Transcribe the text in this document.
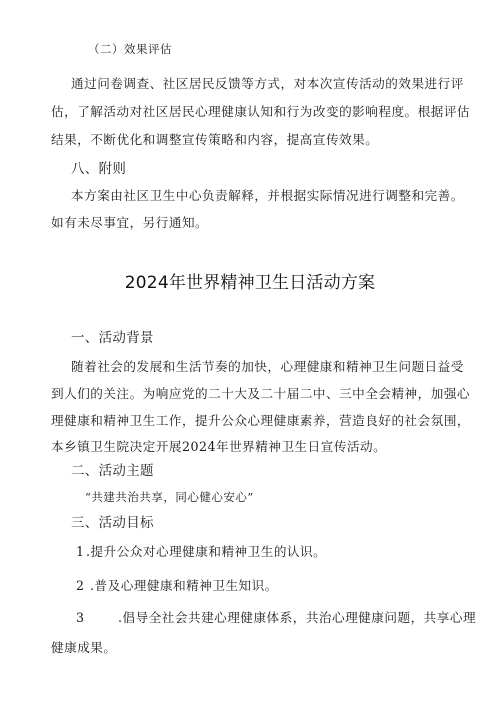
（二）效果评估
通过问卷调查、社区居民反馈等方式，对本次宣传活动的效果进行评
估，了解活动对社区居民心理健康认知和行为改变的影响程度。根据评估
结果，不断优化和调整宣传策略和内容，提高宣传效果。
八、附则
本方案由社区卫生中心负责解释，并根据实际情况进行调整和完善。
如有未尽事宜，另行通知。
2024年世界精神卫生日活动方案
一、活动背景
随着社会的发展和生活节奏的加快，心理健康和精神卫生问题日益受
到人们的关注。为响应党的二十大及二十届二中、三中全会精神，加强心
理健康和精神卫生工作，提升公众心理健康素养，营造良好的社会氛围，
本乡镇卫生院决定开展2024年世界精神卫生日宣传活动。
二、活动主题
“共建共治共享，同心健心安心”
三、活动目标
1 .提升公众对心理健康和精神卫生的认识。
2 .普及心理健康和精神卫生知识。
3	.倡导全社会共建心理健康体系，共治心理健康问题，共享心理
健康成果。
